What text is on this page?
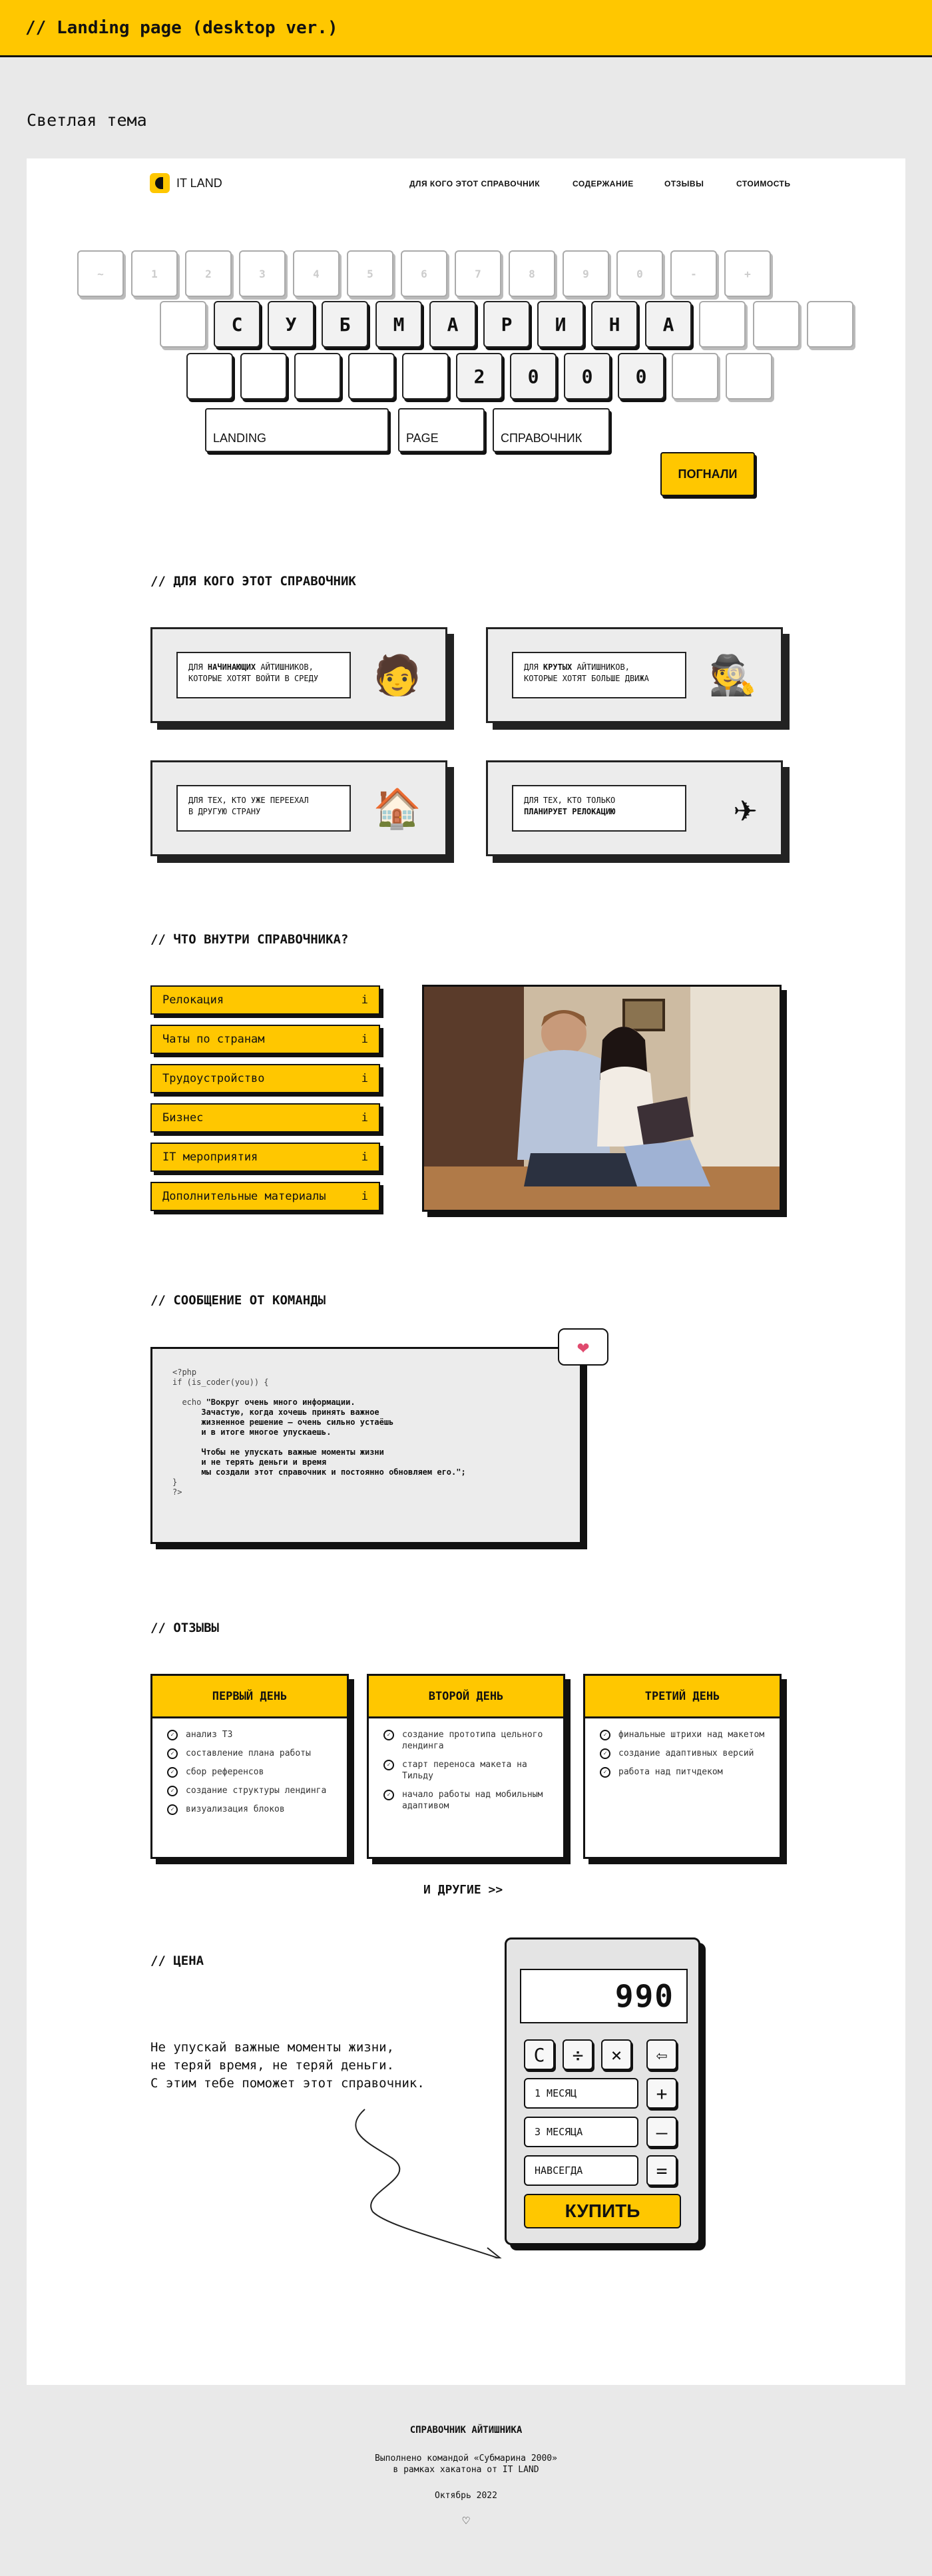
// Landing page (desktop ver.)
Светлая тема
IT LAND	ДЛЯ КОГО ЭТОТ СПРАВОЧНИК	СОДЕРЖАНИЕ	ОТЗЫВЫ	СТОИМОСТЬ
~	1	2	3	4	5	6	7	8	9	0	-	+
С	У	Б	М	А	Р	И	Н	А
2	0	0	0
LANDING	PAGE	СПРАВОЧНИК
ПОГНАЛИ
// ДЛЯ КОГО ЭТОТ СПРАВОЧНИК
ДЛЯ НАЧИНАЮЩИХ АЙТИШНИКОВ,
КОТОРЫЕ ХОТЯТ ВОЙТИ В СРЕДУ	🧑	ДЛЯ КРУТЫХ АЙТИШНИКОВ,
КОТОРЫЕ ХОТЯТ БОЛЬШЕ ДВИЖА	🕵
ДЛЯ ТЕХ, КТО УЖЕ ПЕРЕЕХАЛ
В ДРУГУЮ СТРАНУ	🏠	ДЛЯ ТЕХ, КТО ТОЛЬКО
ПЛАНИРУЕТ РЕЛОКАЦИЮ	✈
// ЧТО ВНУТРИ СПРАВОЧНИКА?
Релокация	i
Чаты по странам	i
Трудоустройство	i
Бизнес	i
IT мероприятия	i
Дополнительные материалы	i
// СООБЩЕНИЕ ОТ КОМАНДЫ
<?php
if (is_coder(you)) {

echo "Вокруг очень много информации.
Зачастую, когда хочешь принять важное
жизненное решение — очень сильно устаёшь
и в итоге многое упускаешь.

Чтобы не упускать важные моменты жизни
и не терять деньги и время
мы создали этот справочник и постоянно обновляем его.";
}
?>
❤
// ОТЗЫВЫ
ПЕРВЫЙ ДЕНЬ
✓	анализ ТЗ
✓	составление плана работы
✓	сбор референсов
✓	создание структуры лендинга
✓	визуализация блоков
ВТОРОЙ ДЕНЬ
✓	создание прототипа цельного лендинга
✓	старт переноса макета на Тильду
✓	начало работы над мобильным адаптивом
ТРЕТИЙ ДЕНЬ
✓	финальные штрихи над макетом
✓	создание адаптивных версий
✓	работа над питчдеком
И ДРУГИЕ >>
// ЦЕНА
Не упускай важные моменты жизни,
не теряй время, не теряй деньги.
С этим тебе поможет этот справочник.
990
C	÷	×	⇦
1 МЕСЯЦ
3 МЕСЯЦА
НАВСЕГДА
+
—
=
КУПИТЬ
СПРАВОЧНИК АЙТИШНИКА
Выполнено командой «Субмарина 2000»
в рамках хакатона от IT LAND
Октябрь 2022
♡
